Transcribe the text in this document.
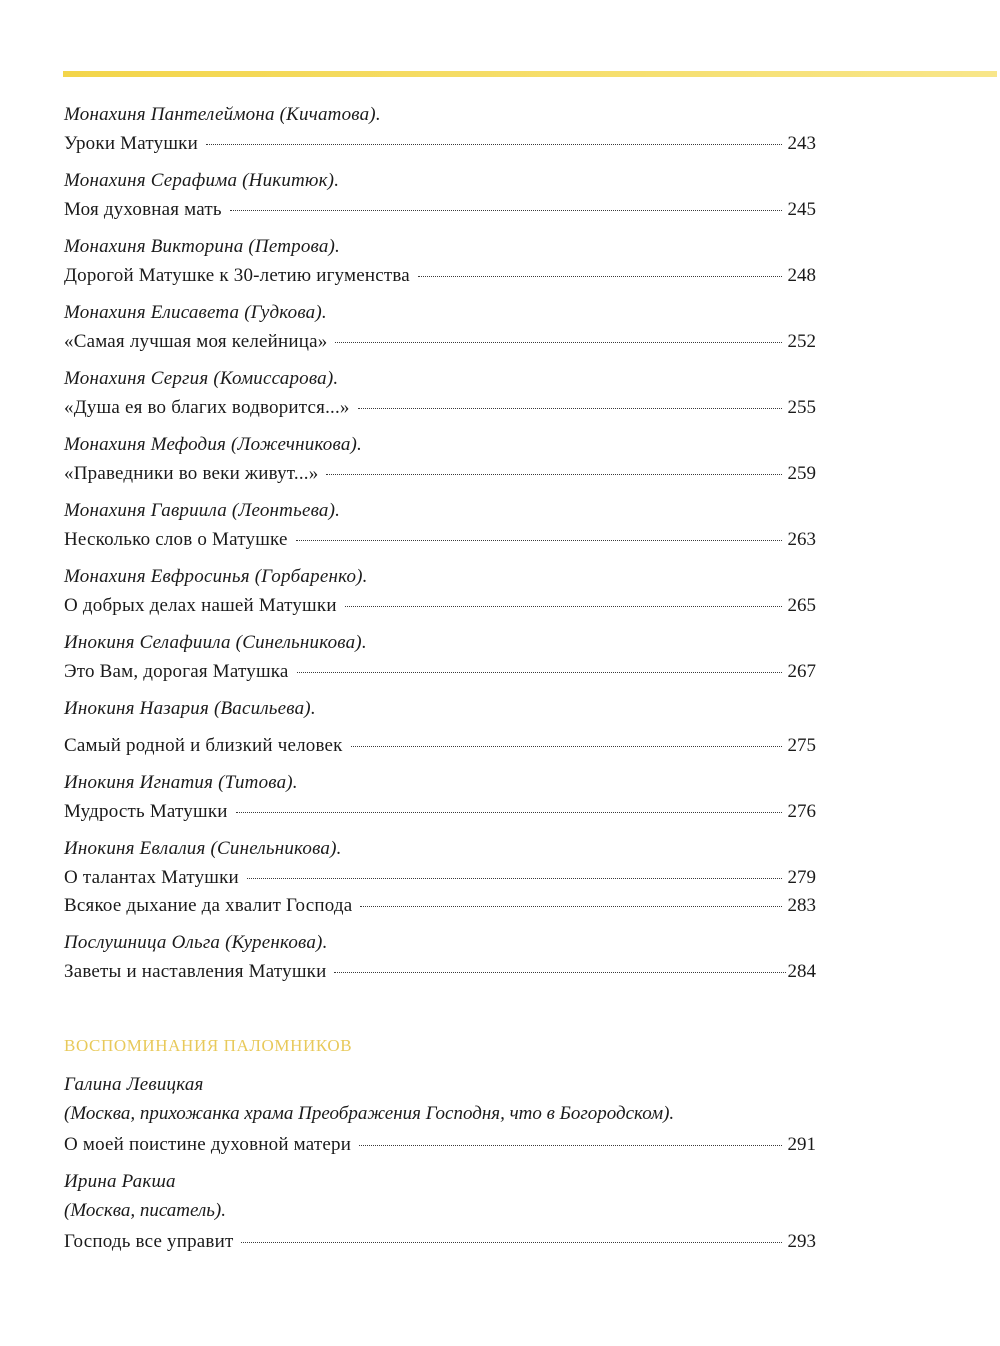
Монахиня Пантелеймона (Кичатова).
Уроки Матушки	243
Монахиня Серафима (Никитюк).
Моя духовная мать	245
Монахиня Викторина (Петрова).
Дорогой Матушке к 30-летию игуменства	248
Монахиня Елисавета (Гудкова).
«Самая лучшая моя келейница»	252
Монахиня Сергия (Комиссарова).
«Душа ея во благих водворится...»	255
Монахиня Мефодия (Ложечникова).
«Праведники во веки живут...»	259
Монахиня Гавриила (Леонтьева).
Несколько слов о Матушке	263
Монахиня Евфросинья (Горбаренко).
О добрых делах нашей Матушки	265
Инокиня Селафиила (Синельникова).
Это Вам, дорогая Матушка	267
Инокиня Назария (Васильева).
Самый родной и близкий человек	275
Инокиня Игнатия (Титова).
Мудрость Матушки	276
Инокиня Евлалия (Синельникова).
О талантах Матушки	279
Всякое дыхание да хвалит Господа	283
Послушница Ольга (Куренкова).
Заветы и наставления Матушки	284
ВОСПОМИНАНИЯ ПАЛОМНИКОВ
Галина Левицкая
(Москва, прихожанка храма Преображения Господня, что в Богородском).
О моей поистине духовной матери	291
Ирина Ракша
(Москва, писатель).
Господь все управит	293
